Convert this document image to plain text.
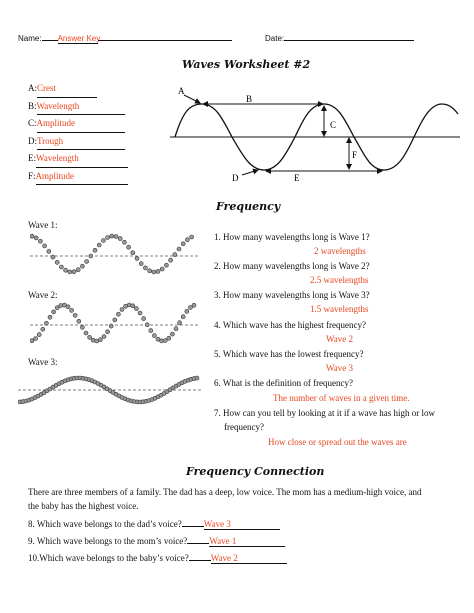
Name: Answer Key	Date:
Waves Worksheet #2
A:Crest
B:Wavelength
C:Amplitude
D:Trough
E:Wavelength
F:Amplitude
A
B
C
D	E
F
Frequency
Wave 1:
Wave 2:
Wave 3:
1. How many wavelengths long is Wave 1?
2 wavelengths
2. How many wavelengths long is Wave 2?
2.5 wavelengths
3. How many wavelengths long is Wave 3?
1.5 wavelengths
4. Which wave has the highest frequency?
Wave 2
5. Which wave has the lowest frequency?
Wave 3
6. What is the definition of frequency?
The number of waves in a given time.
7. How can you tell by looking at it if a wave has high or low
frequency?
How close or spread out the waves are
Frequency Connection
There are three members of a family. The dad has a deep, low voice. The mom has a medium-high voice, and
the baby has the highest voice.
8. Which wave belongs to the dad’s voice? Wave 3
9. Which wave belongs to the mom’s voice? Wave 1
10.Which wave belongs to the baby’s voice? Wave 2
